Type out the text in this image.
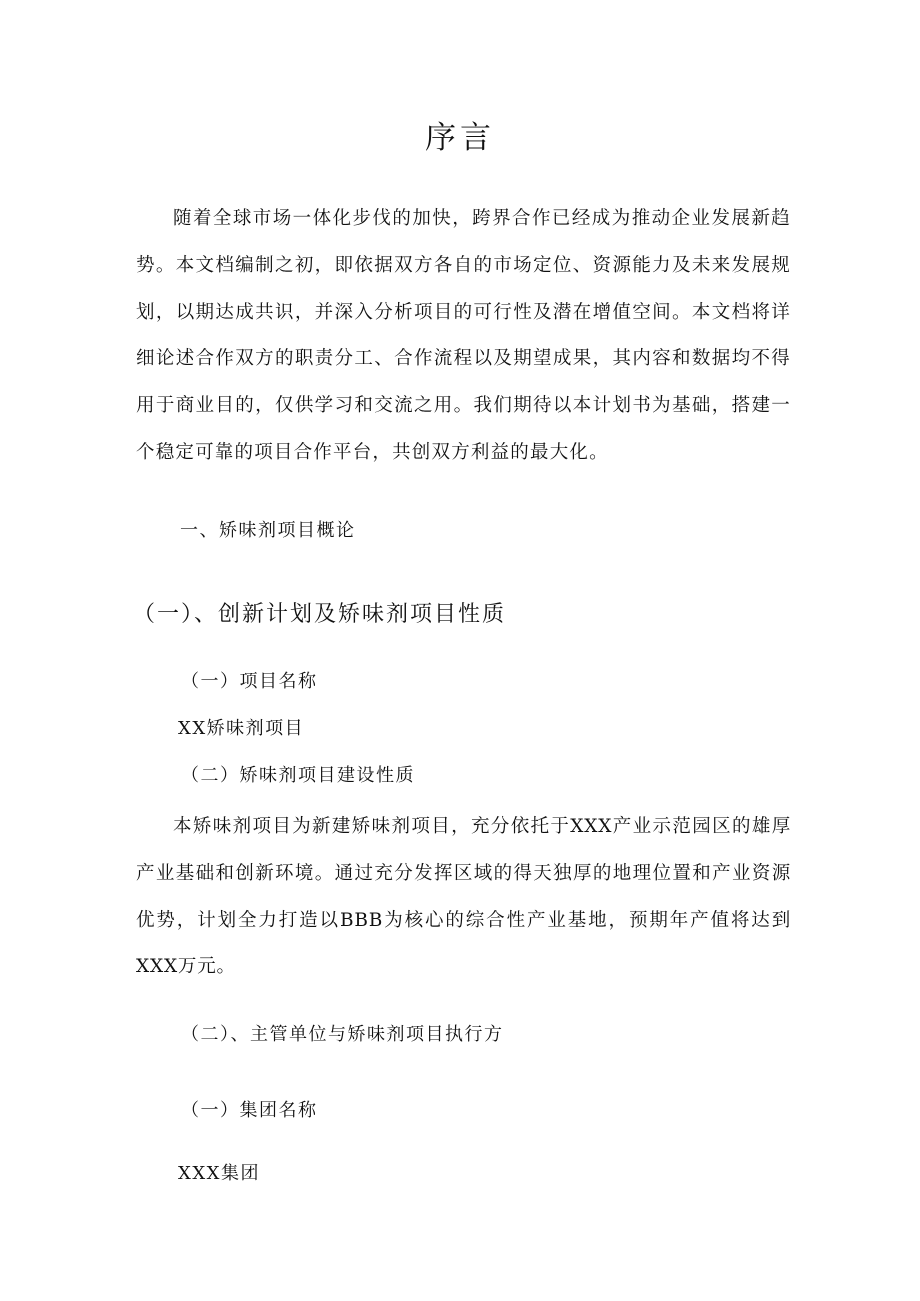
序言

随着全球市场一体化步伐的加快，跨界合作已经成为推动企业发展新趋势。本文档编制之初，即依据双方各自的市场定位、资源能力及未来发展规划，以期达成共识，并深入分析项目的可行性及潜在增值空间。本文档将详细论述合作双方的职责分工、合作流程以及期望成果，其内容和数据均不得用于商业目的，仅供学习和交流之用。我们期待以本计划书为基础，搭建一个稳定可靠的项目合作平台，共创双方利益的最大化。

一、矫味剂项目概论
（一）、创新计划及矫味剂项目性质
（一）项目名称
XX矫味剂项目
（二）矫味剂项目建设性质

本矫味剂项目为新建矫味剂项目，充分依托于XXX产业示范园区的雄厚产业基础和创新环境。通过充分发挥区域的得天独厚的地理位置和产业资源优势，计划全力打造以BBB为核心的综合性产业基地，预期年产值将达到XXX万元。

（二）、主管单位与矫味剂项目执行方
（一）集团名称
XXX集团
